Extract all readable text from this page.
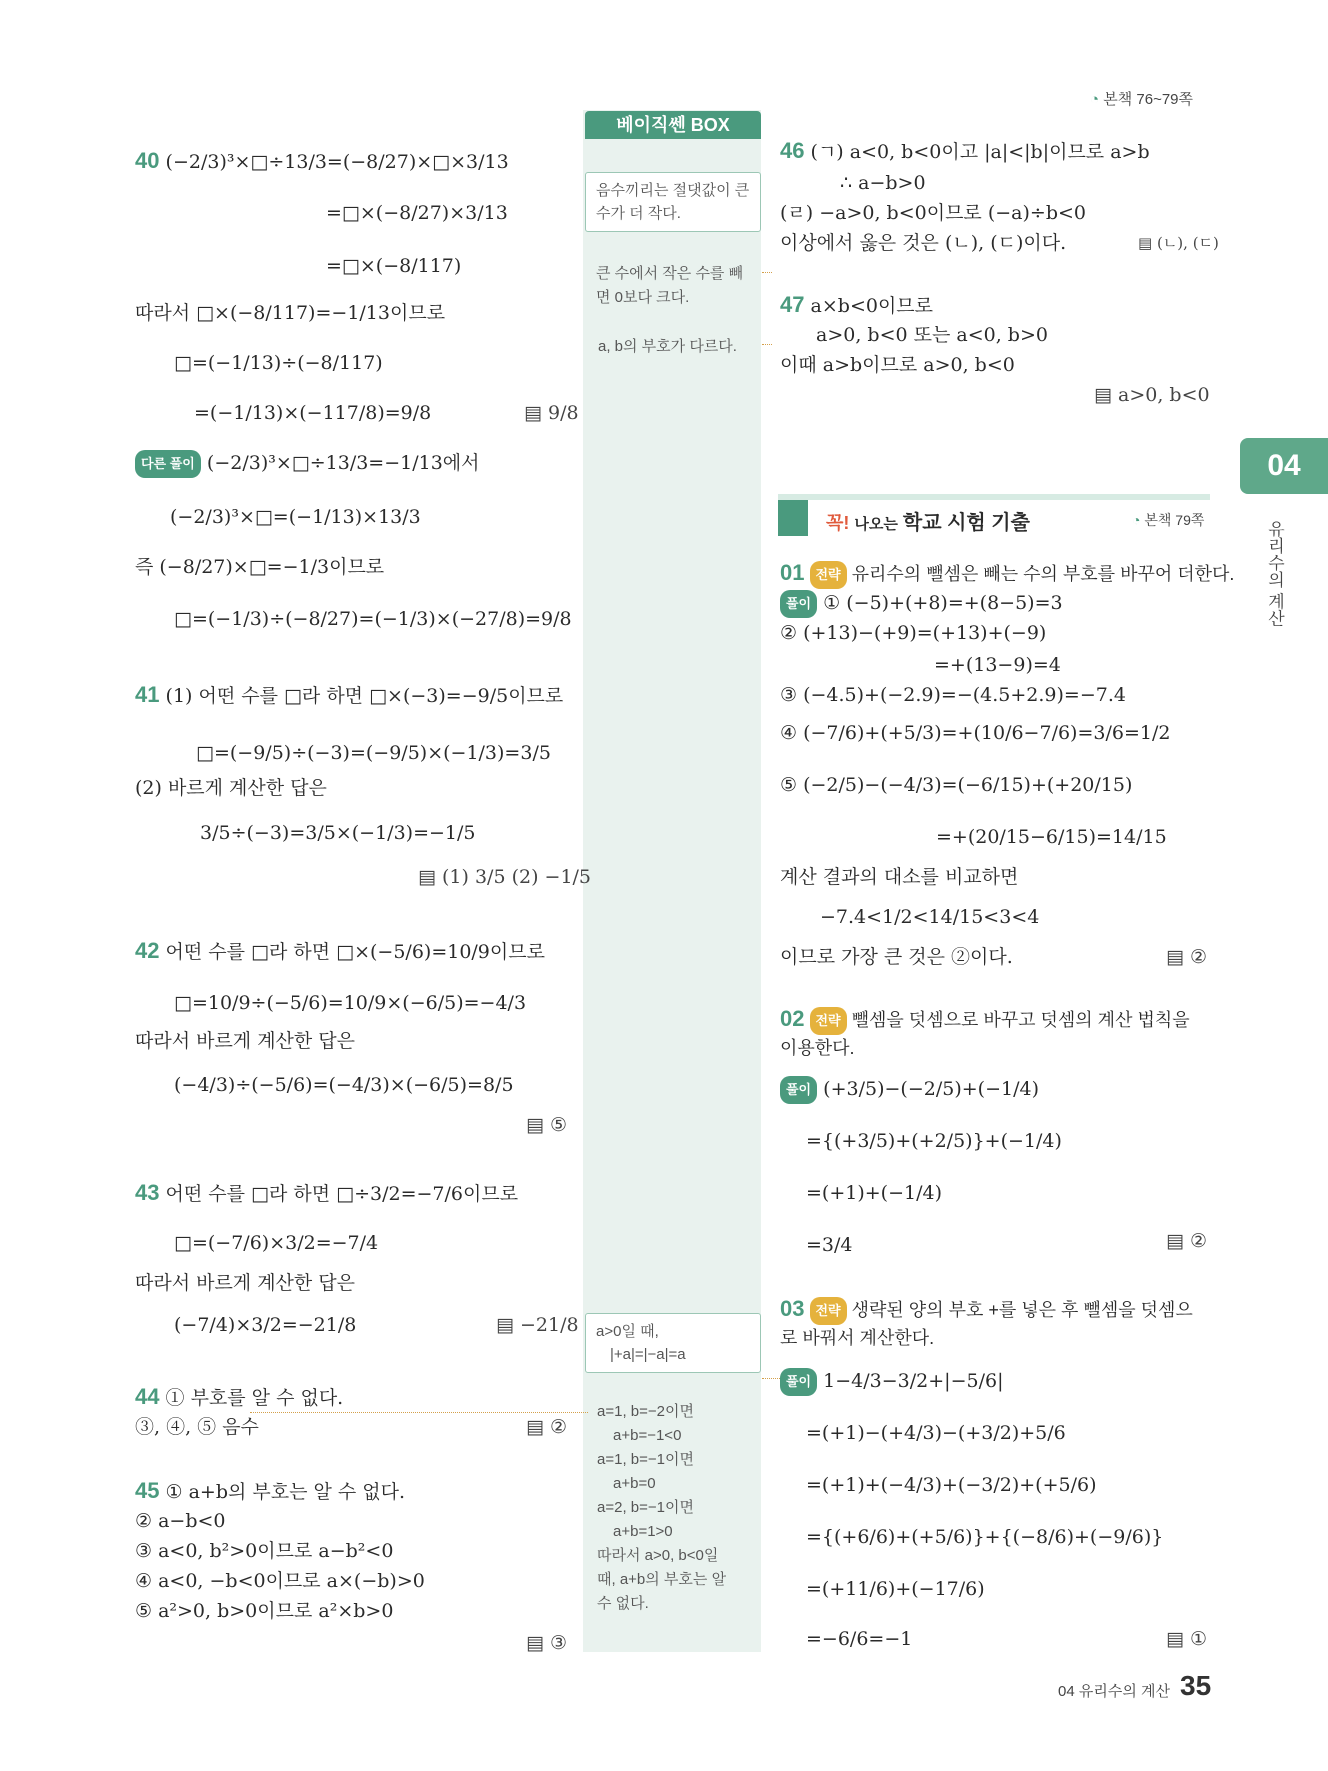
◔ 본책 76~79쪽
베이직쎈 BOX
음수끼리는 절댓값이 큰 수가 더 작다.
큰 수에서 작은 수를 빼면 0보다 크다.
a, b의 부호가 다르다.
a>0일 때,
|+a|=|−a|=a
a=1, b=−2이면
a+b=−1<0
a=1, b=−1이면
a+b=0
a=2, b=−1이면
a+b=1>0
따라서 a>0, b<0일
때, a+b의 부호는 알
수 없다.
40 (−2/3)³×□÷13/3=(−8/27)×□×3/13
=□×(−8/27)×3/13
=□×(−8/117)
따라서 □×(−8/117)=−1/13이므로
□=(−1/13)÷(−8/117)
=(−1/13)×(−117/8)=9/8	▤ 9/8
다른 풀이 (−2/3)³×□÷13/3=−1/13에서
(−2/3)³×□=(−1/13)×13/3
즉 (−8/27)×□=−1/3이므로
□=(−1/3)÷(−8/27)=(−1/3)×(−27/8)=9/8
41 (1) 어떤 수를 □라 하면 □×(−3)=−9/5이므로
□=(−9/5)÷(−3)=(−9/5)×(−1/3)=3/5
(2) 바르게 계산한 답은
3/5÷(−3)=3/5×(−1/3)=−1/5
▤ (1) 3/5 (2) −1/5
42 어떤 수를 □라 하면 □×(−5/6)=10/9이므로
□=10/9÷(−5/6)=10/9×(−6/5)=−4/3
따라서 바르게 계산한 답은
(−4/3)÷(−5/6)=(−4/3)×(−6/5)=8/5
▤ ⑤
43 어떤 수를 □라 하면 □÷3/2=−7/6이므로
□=(−7/6)×3/2=−7/4
따라서 바르게 계산한 답은
(−7/4)×3/2=−21/8	▤ −21/8
44 ① 부호를 알 수 없다.
③, ④, ⑤ 음수	▤ ②
45 ① a+b의 부호는 알 수 없다.
② a−b<0
③ a<0, b²>0이므로 a−b²<0
④ a<0, −b<0이므로 a×(−b)>0
⑤ a²>0, b>0이므로 a²×b>0
▤ ③
46 (ㄱ) a<0, b<0이고 |a|<|b|이므로 a>b
∴ a−b>0
(ㄹ) −a>0, b<0이므로 (−a)÷b<0
이상에서 옳은 것은 (ㄴ), (ㄷ)이다.	▤ (ㄴ), (ㄷ)
47 a×b<0이므로
a>0, b<0 또는 a<0, b>0
이때 a>b이므로 a>0, b<0
▤ a>0, b<0
꼭! 나오는 학교 시험 기출	◔ 본책 79쪽
01 전략 유리수의 뺄셈은 빼는 수의 부호를 바꾸어 더한다.
풀이 ① (−5)+(+8)=+(8−5)=3
② (+13)−(+9)=(+13)+(−9)
=+(13−9)=4
③ (−4.5)+(−2.9)=−(4.5+2.9)=−7.4
④ (−7/6)+(+5/3)=+(10/6−7/6)=3/6=1/2
⑤ (−2/5)−(−4/3)=(−6/15)+(+20/15)
=+(20/15−6/15)=14/15
계산 결과의 대소를 비교하면
−7.4<1/2<14/15<3<4
이므로 가장 큰 것은 ②이다.	▤ ②
02 전략 뺄셈을 덧셈으로 바꾸고 덧셈의 계산 법칙을 이용한다.
풀이 (+3/5)−(−2/5)+(−1/4)
={(+3/5)+(+2/5)}+(−1/4)
=(+1)+(−1/4)
=3/4	▤ ②
03 전략 생략된 양의 부호 +를 넣은 후 뺄셈을 덧셈으로 바꿔서 계산한다.
풀이 1−4/3−3/2+|−5/6|
=(+1)−(+4/3)−(+3/2)+5/6
=(+1)+(−4/3)+(−3/2)+(+5/6)
={(+6/6)+(+5/6)}+{(−8/6)+(−9/6)}
=(+11/6)+(−17/6)
=−6/6=−1	▤ ①
04
유리수의 계산
04 유리수의 계산 35
